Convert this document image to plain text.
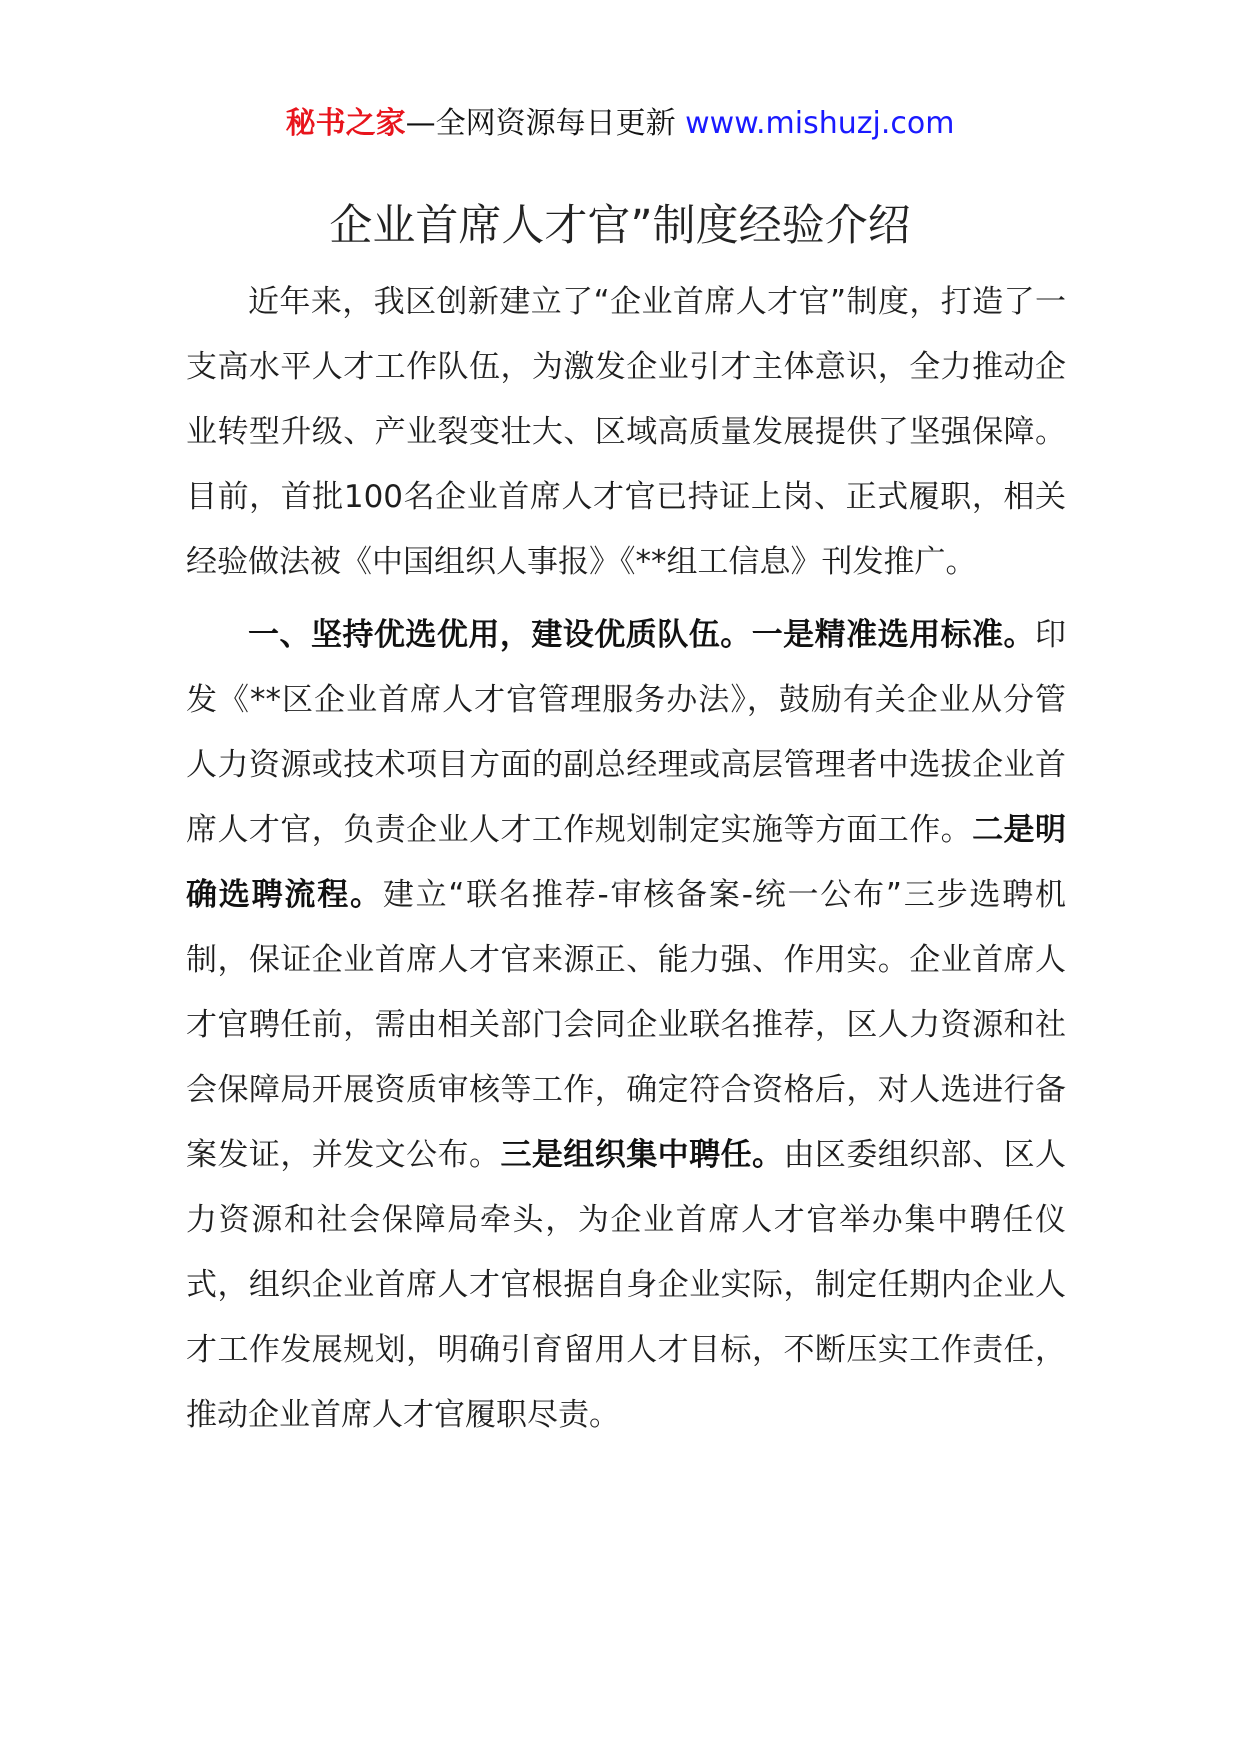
秘书之家—全网资源每日更新 www.mishuzj.com
企业首席人才官”制度经验介绍

近年来，我区创新建立了“企业首席人才官”制度，打造了一支高水平人才工作队伍，为激发企业引才主体意识，全力推动企业转型升级、产业裂变壮大、区域高质量发展提供了坚强保障。目前，首批100名企业首席人才官已持证上岗、正式履职，相关经验做法被《中国组织人事报》《**组工信息》刊发推广。

一、坚持优选优用，建设优质队伍。一是精准选用标准。印发《**区企业首席人才官管理服务办法》，鼓励有关企业从分管人力资源或技术项目方面的副总经理或高层管理者中选拔企业首席人才官，负责企业人才工作规划制定实施等方面工作。二是明确选聘流程。建立“联名推荐-审核备案-统一公布”三步选聘机制，保证企业首席人才官来源正、能力强、作用实。企业首席人才官聘任前，需由相关部门会同企业联名推荐，区人力资源和社会保障局开展资质审核等工作，确定符合资格后，对人选进行备案发证，并发文公布。三是组织集中聘任。由区委组织部、区人力资源和社会保障局牵头，为企业首席人才官举办集中聘任仪式，组织企业首席人才官根据自身企业实际，制定任期内企业人才工作发展规划，明确引育留用人才目标，不断压实工作责任，推动企业首席人才官履职尽责。
